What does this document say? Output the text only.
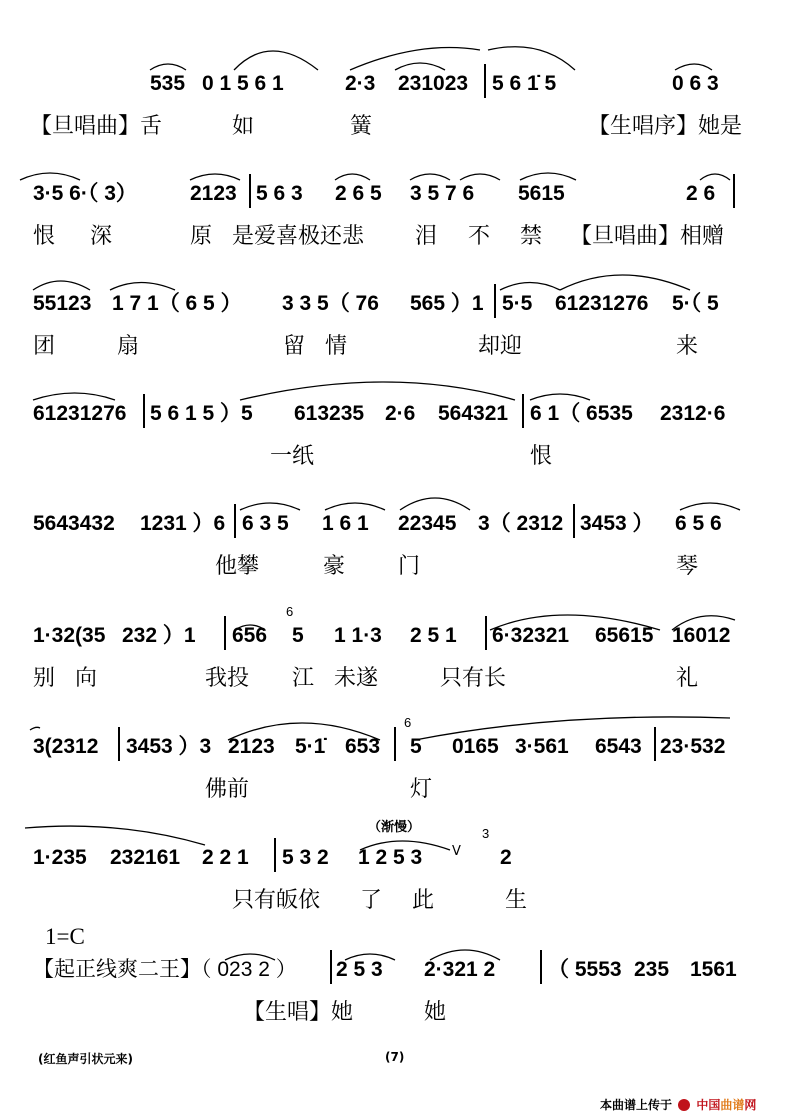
535 0 1 5 6 1	2·3 231023 5 6 1̇ 5	0 6 3
【旦唱曲】舌	如	簧	【生唱序】她是
3·5 6·（ 3）	2123 5 6 3 2 6 5 3 5 7 6 5615	2 6
恨 深	原 是爱喜极还悲 泪 不 禁 【旦唱曲】相赠
55123 1 7 1（ 6 5 ） 3 3 5（ 76 565 ）1 5·5 61231276 5·（ 5
团	扇	留 情	却迎	来
61231276 5 6 1 5 ）5 613235 2·6 564321 6 1（ 6535 2312·6
一纸	恨
5643432 1231 ）6 6 3 5 1 6 1 22345 3（ 2312 3453 ） 6 5 6
他攀	豪 门	琴
1·32(35 232 ）1 656
6
5 1 1·3 2 5 1 6·32321 65615 16012
别 向	我投 江 未遂	只有长	礼
3(2312 3453 ）3 2123 5·1̇ 653
6
5 0165 3·561 6543 23·532
佛前	灯
（渐慢）
1·235 232161 2 2 1 5 3 2 1 2 5 3 V
3
2
只有皈依 了 此	生
1=C
【起正线爽二王】（ 023 2 ） 2 5 3 2·321 2	（ 5553 235 1561
【生唱】她	她
(红鱼声引状元来)	(7)
本曲谱上传于 中国曲谱网
